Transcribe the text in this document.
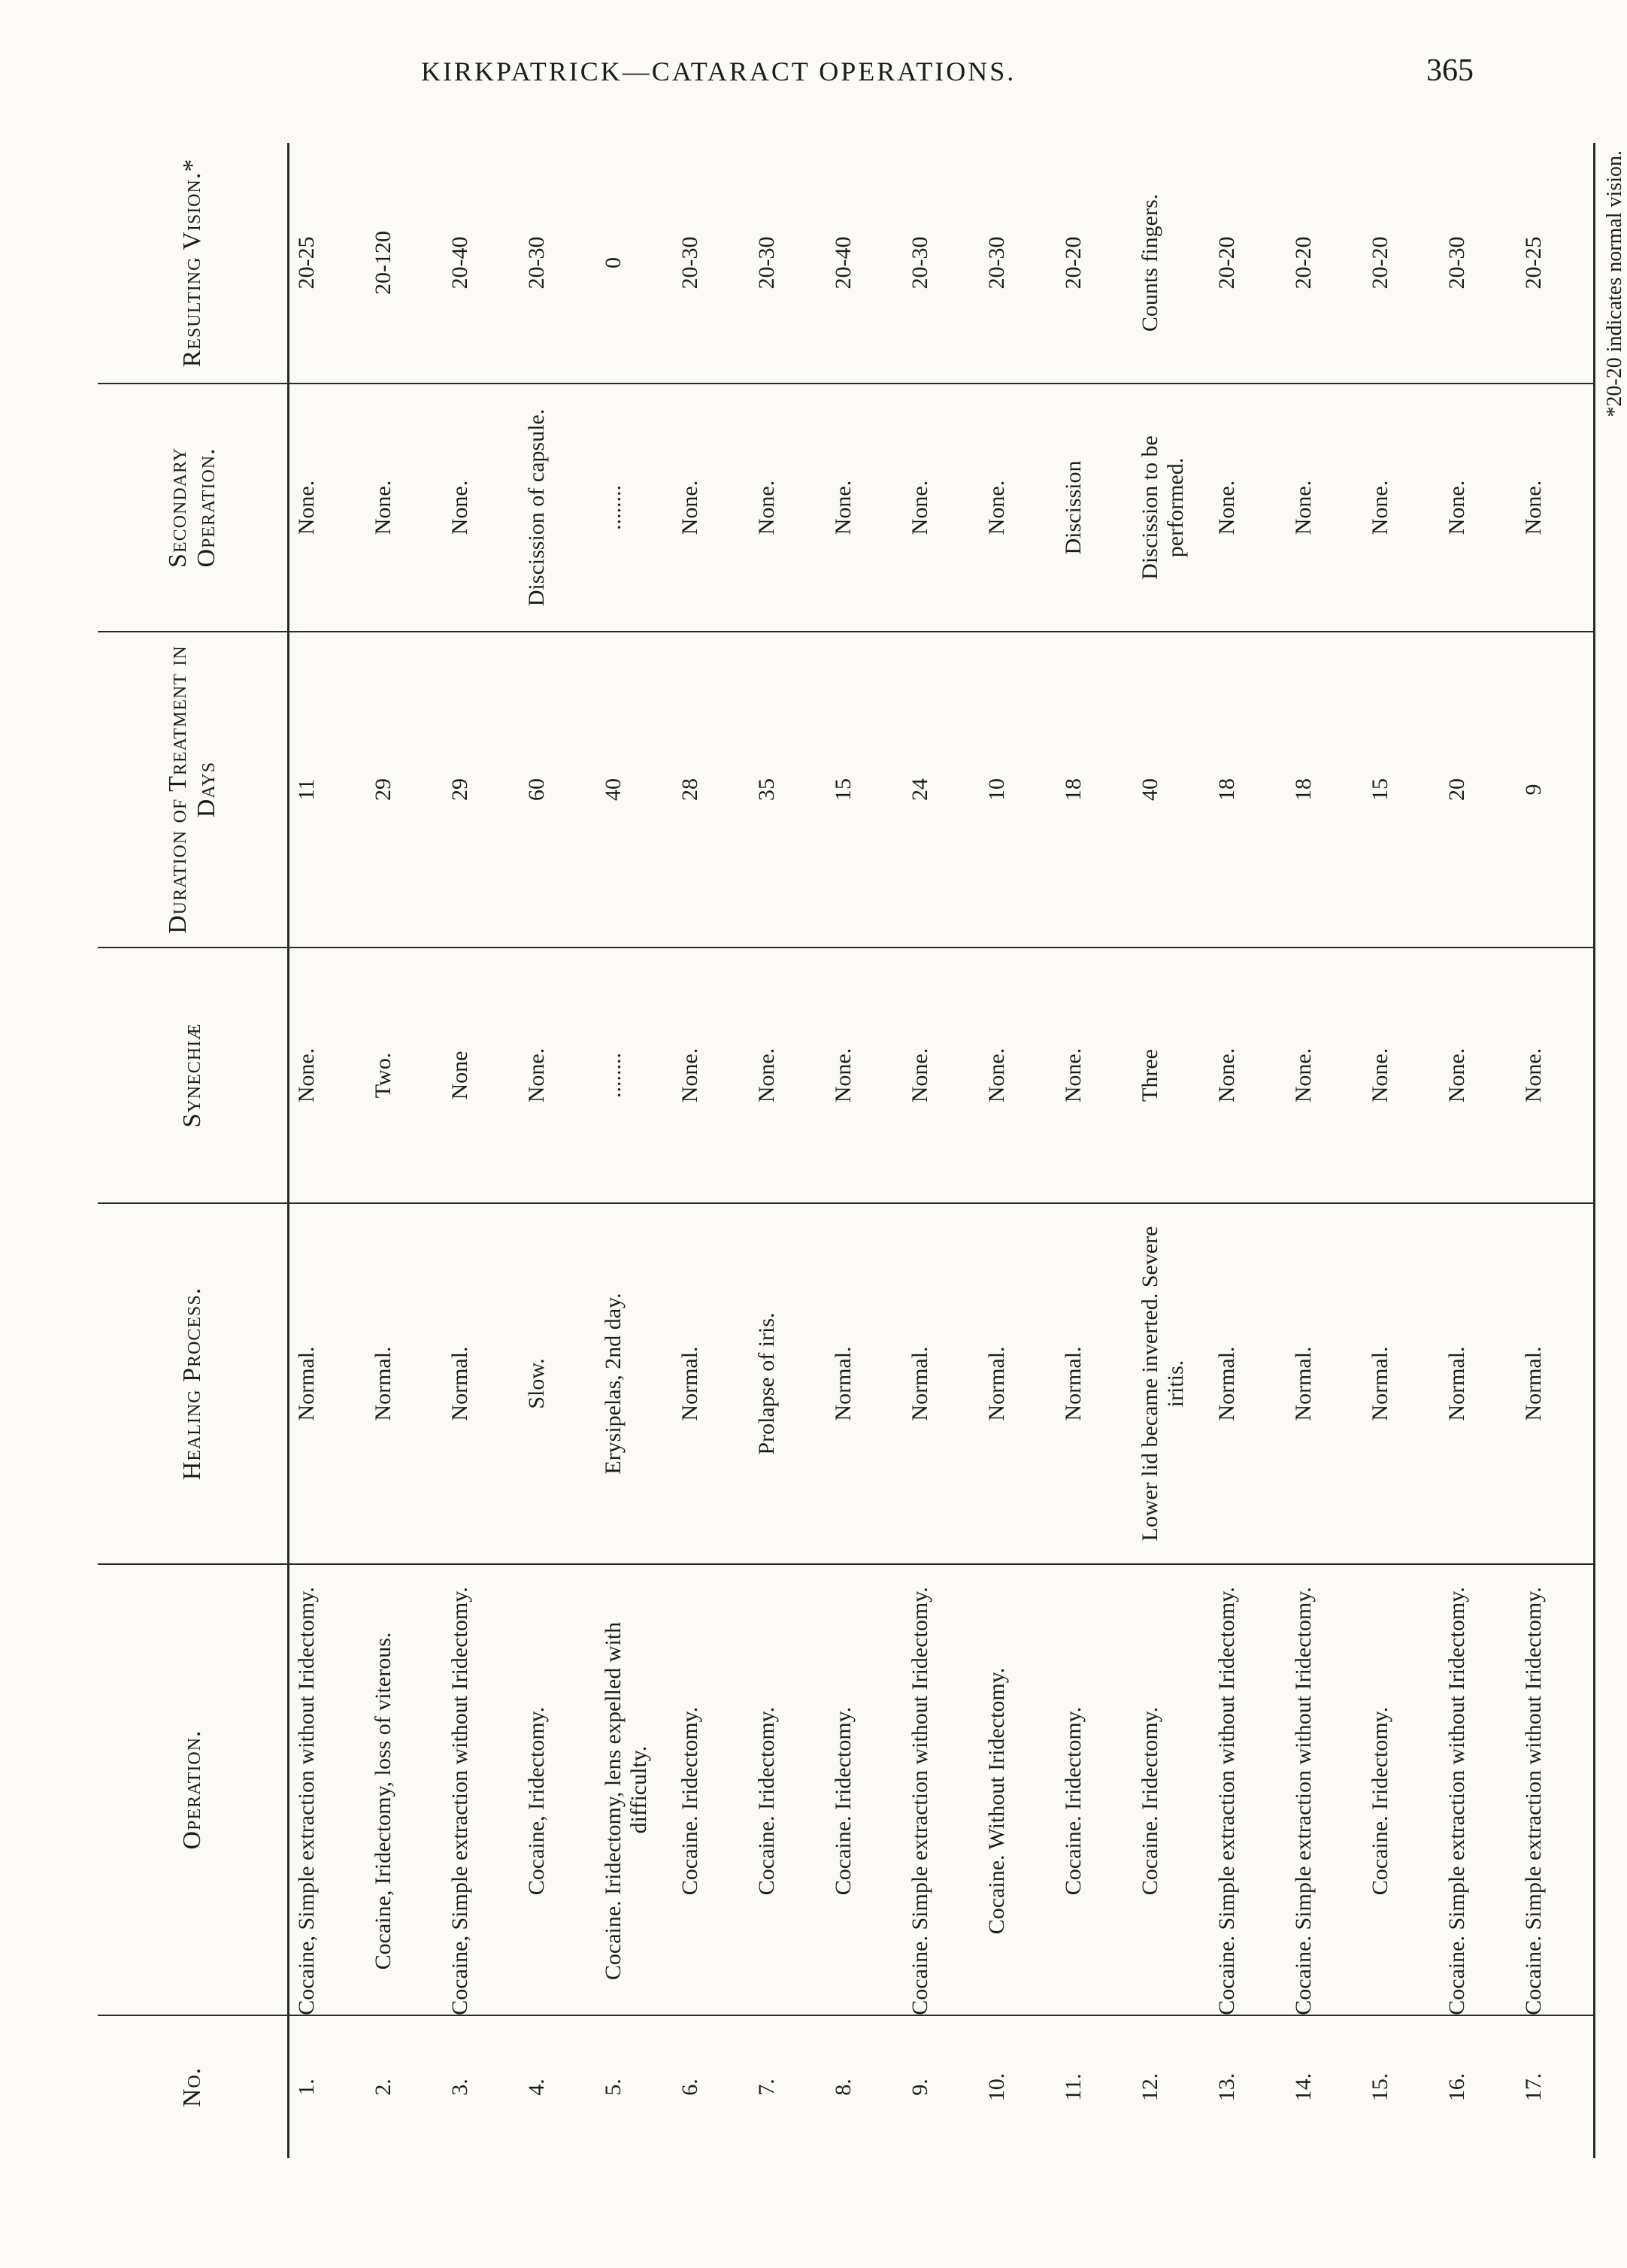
KIRKPATRICK—CATARACT OPERATIONS.	365
No.	Operation.	Healing Process.	Synechiæ	Duration of Treatment in Days	Secondary Operation.	Resulting Vision.*
1.	Cocaine, Simple extraction without Iridectomy.	Normal.	None.	11	None.	20-25
2.	Cocaine, Iridectomy, loss of viterous.	Normal.	Two.	29	None.	20-120
3.	Cocaine, Simple extraction without Iridectomy.	Normal.	None	29	None.	20-40
4.	Cocaine, Iridectomy.	Slow.	None.	60	Discission of capsule.	20-30
5.	Cocaine. Iridectomy, lens expelled with difficulty.	Erysipelas, 2nd day.	........	40	........	0
6.	Cocaine. Iridectomy.	Normal.	None.	28	None.	20-30
7.	Cocaine. Iridectomy.	Prolapse of iris.	None.	35	None.	20-30
8.	Cocaine. Iridectomy.	Normal.	None.	15	None.	20-40
9.	Cocaine. Simple extraction without Iridectomy.	Normal.	None.	24	None.	20-30
10.	Cocaine. Without Iridectomy.	Normal.	None.	10	None.	20-30
11.	Cocaine. Iridectomy.	Normal.	None.	18	Discission	20-20
12.	Cocaine. Iridectomy.	Lower lid became inverted. Severe iritis.	Three	40	Discission to be performed.	Counts fingers.
13.	Cocaine. Simple extraction without Iridectomy.	Normal.	None.	18	None.	20-20
14.	Cocaine. Simple extraction without Iridectomy.	Normal.	None.	18	None.	20-20
15.	Cocaine. Iridectomy.	Normal.	None.	15	None.	20-20
16.	Cocaine. Simple extraction without Iridectomy.	Normal.	None.	20	None.	20-30
17.	Cocaine. Simple extraction without Iridectomy.	Normal.	None.	9	None.	20-25	*20-20 indicates normal vision.
